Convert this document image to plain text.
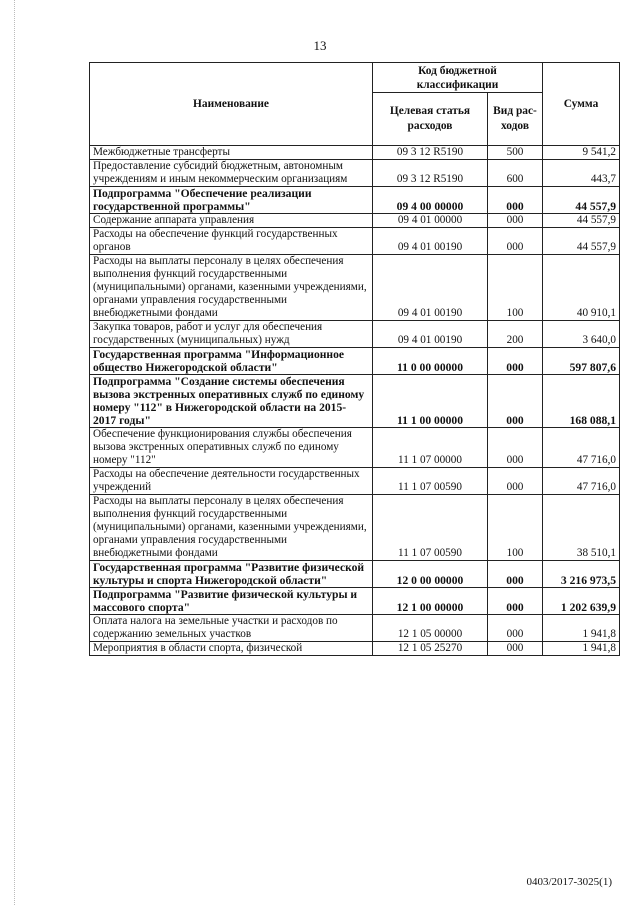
13
Наименование	Код бюджетной классификации		Сумма
	Целевая статья расходов	Вид рас-ходов	
Межбюджетные трансферты	09 3 12 R5190	500	9 541,2
Предоставление субсидий бюджетным, автономным учреждениям и иным некоммерческим организациям	09 3 12 R5190	600	443,7
Подпрограмма "Обеспечение реализации государственной программы"	09 4 00 00000	000	44 557,9
Содержание аппарата управления	09 4 01 00000	000	44 557,9
Расходы на обеспечение функций государственных органов	09 4 01 00190	000	44 557,9
Расходы на выплаты персоналу в целях обеспечения выполнения функций государственными (муниципальными) органами, казенными учреждениями, органами управления государственными внебюджетными фондами	09 4 01 00190	100	40 910,1
Закупка товаров, работ и услуг для обеспечения государственных (муниципальных) нужд	09 4 01 00190	200	3 640,0
Государственная программа "Информационное общество Нижегородской области"	11 0 00 00000	000	597 807,6
Подпрограмма "Создание системы обеспечения вызова экстренных оперативных служб по единому номеру "112" в Нижегородской области на 2015-2017 годы"	11 1 00 00000	000	168 088,1
Обеспечение функционирования службы обеспечения вызова экстренных оперативных служб по единому номеру "112"	11 1 07 00000	000	47 716,0
Расходы на обеспечение деятельности государственных учреждений	11 1 07 00590	000	47 716,0
Расходы на выплаты персоналу в целях обеспечения выполнения функций государственными (муниципальными) органами, казенными учреждениями, органами управления государственными внебюджетными фондами	11 1 07 00590	100	38 510,1
Государственная программа "Развитие физической культуры и спорта Нижегородской области"	12 0 00 00000	000	3 216 973,5
Подпрограмма "Развитие физической культуры и массового спорта"	12 1 00 00000	000	1 202 639,9
Оплата налога на земельные участки и расходов по содержанию земельных участков	12 1 05 00000	000	1 941,8
Мероприятия в области спорта, физической	12 1 05 25270	000	1 941,8
0403/2017-3025(1)
